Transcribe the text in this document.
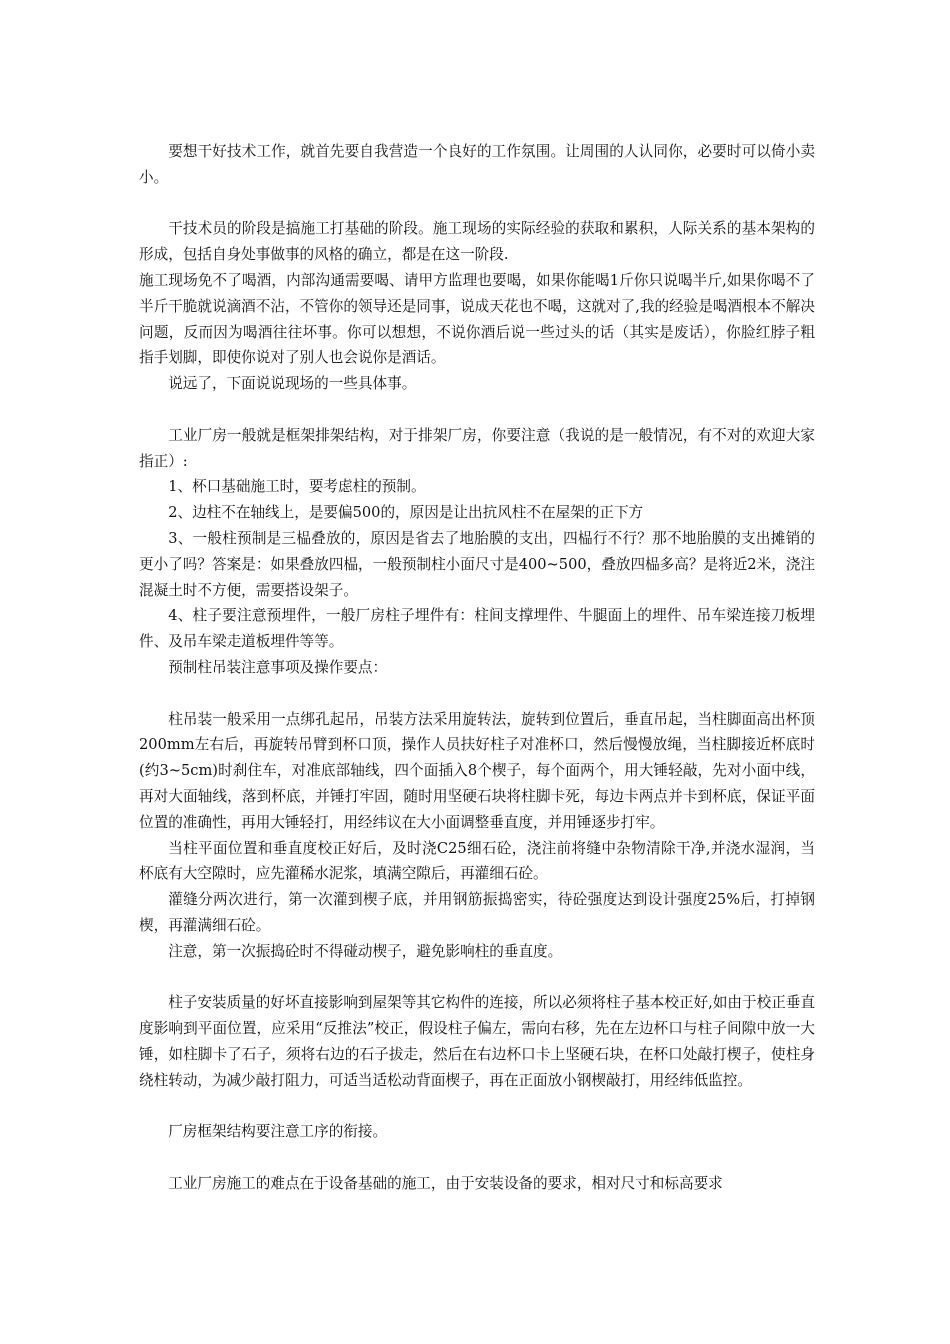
要想干好技术工作，就首先要自我营造一个良好的工作氛围。让周围的人认同你，必要时可以倚小卖小。

干技术员的阶段是搞施工打基础的阶段。施工现场的实际经验的获取和累积，人际关系的基本架构的形成，包括自身处事做事的风格的确立，都是在这一阶段.

施工现场免不了喝酒，内部沟通需要喝、请甲方监理也要喝，如果你能喝1斤你只说喝半斤,如果你喝不了半斤干脆就说滴酒不沾，不管你的领导还是同事，说成天花也不喝，这就对了,我的经验是喝酒根本不解决问题，反而因为喝酒往往坏事。你可以想想，不说你酒后说一些过头的话（其实是废话），你脸红脖子粗指手划脚，即使你说对了别人也会说你是酒话。

说远了，下面说说现场的一些具体事。

工业厂房一般就是框架排架结构，对于排架厂房，你要注意（我说的是一般情况，有不对的欢迎大家指正）:

1、杯口基础施工时，要考虑柱的预制。

2、边柱不在轴线上，是要偏500的，原因是让出抗风柱不在屋架的正下方

3、一般柱预制是三榀叠放的，原因是省去了地胎膜的支出，四榀行不行？那不地胎膜的支出摊销的更小了吗？答案是：如果叠放四榀，一般预制柱小面尺寸是400~500，叠放四榀多高？是将近2米，浇注混凝土时不方便，需要搭设架子。

4、柱子要注意预埋件，一般厂房柱子埋件有：柱间支撑埋件、牛腿面上的埋件、吊车梁连接刀板埋件、及吊车梁走道板埋件等等。

预制柱吊装注意事项及操作要点：

柱吊装一般采用一点绑孔起吊，吊装方法采用旋转法，旋转到位置后，垂直吊起，当柱脚面高出杯顶200mm左右后，再旋转吊臂到杯口顶，操作人员扶好柱子对准杯口，然后慢慢放绳，当柱脚接近杯底时(约3~5cm)时刹住车，对准底部轴线，四个面插入8个楔子，每个面两个，用大锤轻敲，先对小面中线，再对大面轴线，落到杯底，并锤打牢固，随时用坚硬石块将柱脚卡死，每边卡两点并卡到杯底，保证平面位置的准确性，再用大锤轻打，用经纬议在大小面调整垂直度，并用锤逐步打牢。

当柱平面位置和垂直度校正好后，及时浇C25细石砼，浇注前将缝中杂物清除干净,并浇水湿润，当杯底有大空隙时，应先灌稀水泥浆，填满空隙后，再灌细石砼。

灌缝分两次进行，第一次灌到楔子底，并用钢筋振捣密实，待砼强度达到设计强度25%后，打掉钢楔，再灌满细石砼。

注意，第一次振捣砼时不得碰动楔子，避免影响柱的垂直度。

柱子安装质量的好坏直接影响到屋架等其它构件的连接，所以必须将柱子基本校正好,如由于校正垂直度影响到平面位置，应采用“反推法”校正，假设柱子偏左，需向右移，先在左边杯口与柱子间隙中放一大锤，如柱脚卡了石子，须将右边的石子拔走，然后在右边杯口卡上坚硬石块，在杯口处敲打楔子，使柱身绕柱转动，为减少敲打阻力，可适当适松动背面楔子，再在正面放小钢楔敲打，用经纬低监控。

厂房框架结构要注意工序的衔接。

工业厂房施工的难点在于设备基础的施工，由于安装设备的要求，相对尺寸和标高要求
